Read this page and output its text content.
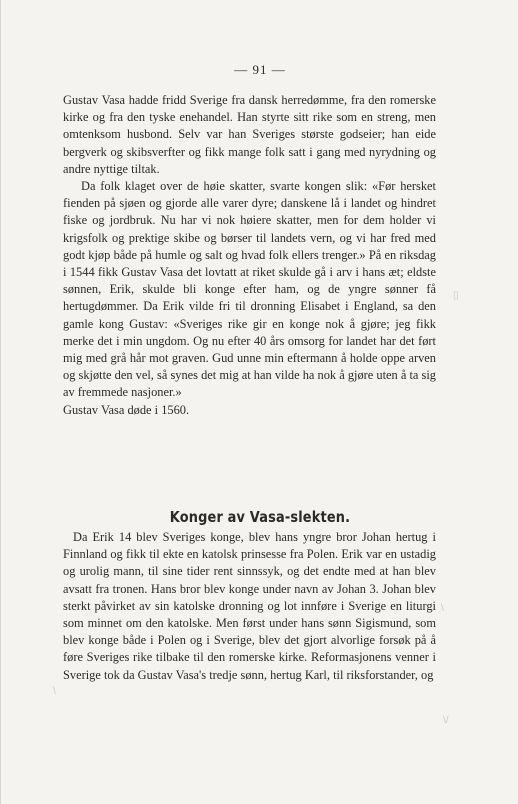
— 91 —

Gustav Vasa hadde fridd Sverige fra dansk herredømme, fra den romerske kirke og fra den tyske enehandel. Han styrte sitt rike som en streng, men omtenksom husbond. Selv var han Sveriges største godseier; han eide bergverk og skibsverfter og fikk mange folk satt i gang med nyrydning og andre nyttige tiltak.

Da folk klaget over de høie skatter, svarte kongen slik: «Før hersket fienden på sjøen og gjorde alle varer dyre; danskene lå i landet og hindret fiske og jordbruk. Nu har vi nok høiere skatter, men for dem holder vi krigsfolk og prektige skibe og børser til landets vern, og vi har fred med godt kjøp både på humle og salt og hvad folk ellers trenger.» På en riksdag i 1544 fikk Gustav Vasa det lovtatt at riket skulde gå i arv i hans æt; eldste sønnen, Erik, skulde bli konge efter ham, og de yngre sønner få hertugdømmer. Da Erik vilde fri til dronning Elisabet i England, sa den gamle kong Gustav: «Sveriges rike gir en konge nok å gjøre; jeg fikk merke det i min ungdom. Og nu efter 40 års omsorg for landet har det ført mig med grå hår mot graven. Gud unne min eftermann å holde oppe arven og skjøtte den vel, så synes det mig at han vilde ha nok å gjøre uten å ta sig av fremmede nasjoner.»

Gustav Vasa døde i 1560.

Konger av Vasa-slekten.

Da Erik 14 blev Sveriges konge, blev hans yngre bror Johan hertug i Finnland og fikk til ekte en katolsk prinsesse fra Polen. Erik var en ustadig og urolig mann, til sine tider rent sinnssyk, og det endte med at han blev avsatt fra tronen. Hans bror blev konge under navn av Johan 3. Johan blev sterkt påvirket av sin katolske dronning og lot innføre i Sverige en liturgi som minnet om den katolske. Men først under hans sønn Sigismund, som blev konge både i Polen og i Sverige, blev det gjort alvorlige forsøk på å føre Sveriges rike tilbake til den romerske kirke. Reformasjonens venner i Sverige tok da Gustav Vasa's tredje sønn, hertug Karl, til riksforstander, og

▯
\
\
\/
